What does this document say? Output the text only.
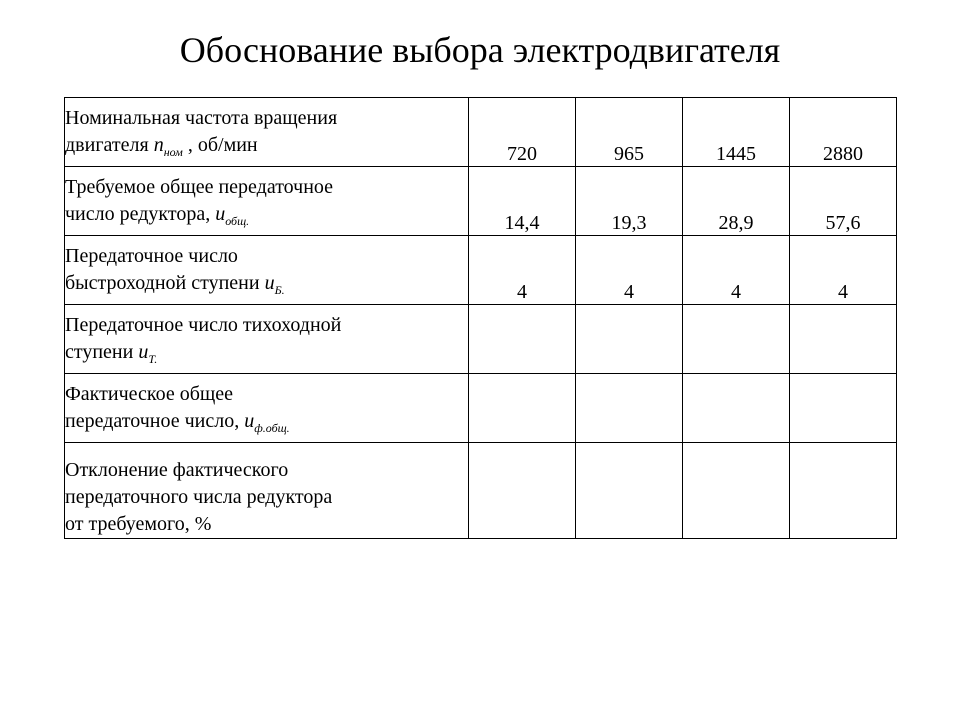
Обоснование выбора электродвигателя
Номинальная частота вращения
двигателя $n_{ном}$ , об/мин	720	965	1445	2880

Требуемое общее передаточное
число редуктора, $u_{общ.}$	14,4	19,3	28,9	57,6

Передаточное число
быстроходной ступени $u_{Б.}$	4	4	4	4

Передаточное число тихоходной
ступени $u_{Т.}$

Фактическое общее
передаточное число, $u_{ф.общ.}$

Отклонение фактического
передаточного числа редуктора
от требуемого, %				
